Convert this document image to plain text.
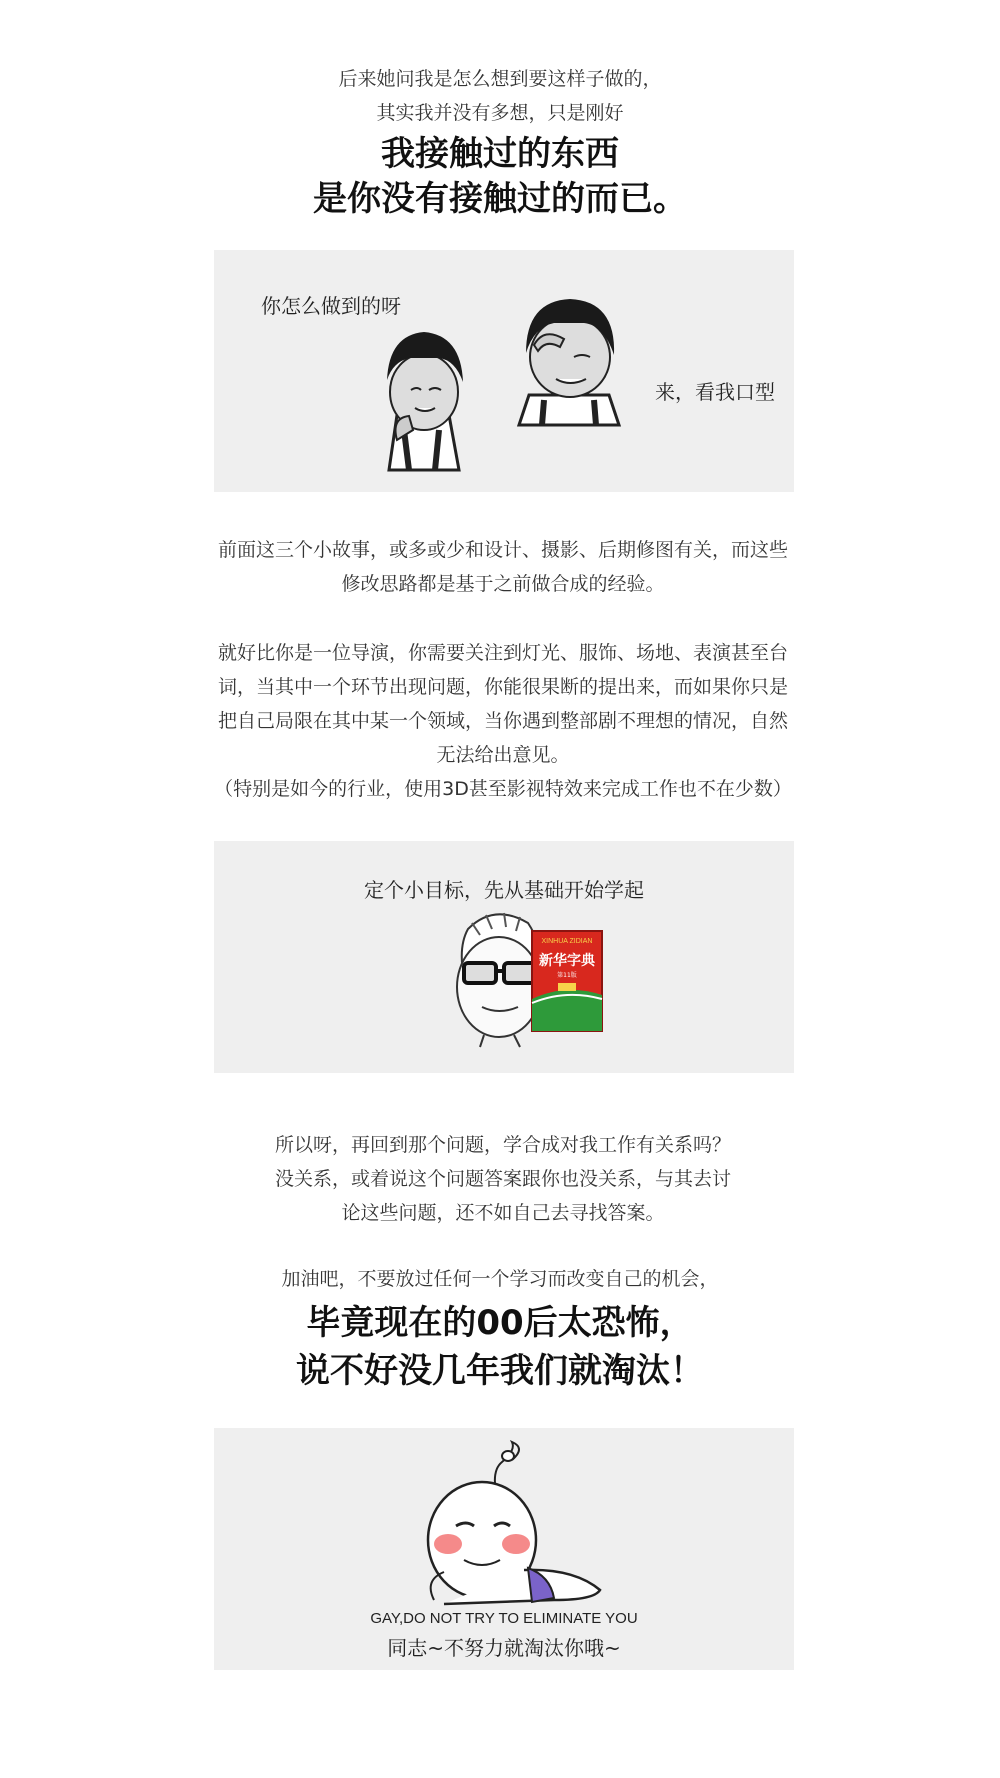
后来她问我是怎么想到要这样子做的，
其实我并没有多想，只是刚好
我接触过的东西
是你没有接触过的而已。
你怎么做到的呀
来，看我口型
前面这三个小故事，或多或少和设计、摄影、后期修图有关，而这些
修改思路都是基于之前做合成的经验。
就好比你是一位导演，你需要关注到灯光、服饰、场地、表演甚至台
词，当其中一个环节出现问题，你能很果断的提出来，而如果你只是
把自己局限在其中某一个领域，当你遇到整部剧不理想的情况，自然
无法给出意见。
（特别是如今的行业，使用3D甚至影视特效来完成工作也不在少数）
定个小目标，先从基础开始学起
XINHUA ZIDIAN
新华字典
第11版
所以呀，再回到那个问题，学合成对我工作有关系吗？
没关系，或着说这个问题答案跟你也没关系，与其去讨
论这些问题，还不如自己去寻找答案。
加油吧，不要放过任何一个学习而改变自己的机会，
毕竟现在的00后太恐怖，
说不好没几年我们就淘汰！
GAY,DO NOT TRY TO ELIMINATE YOU
同志~不努力就淘汰你哦~
